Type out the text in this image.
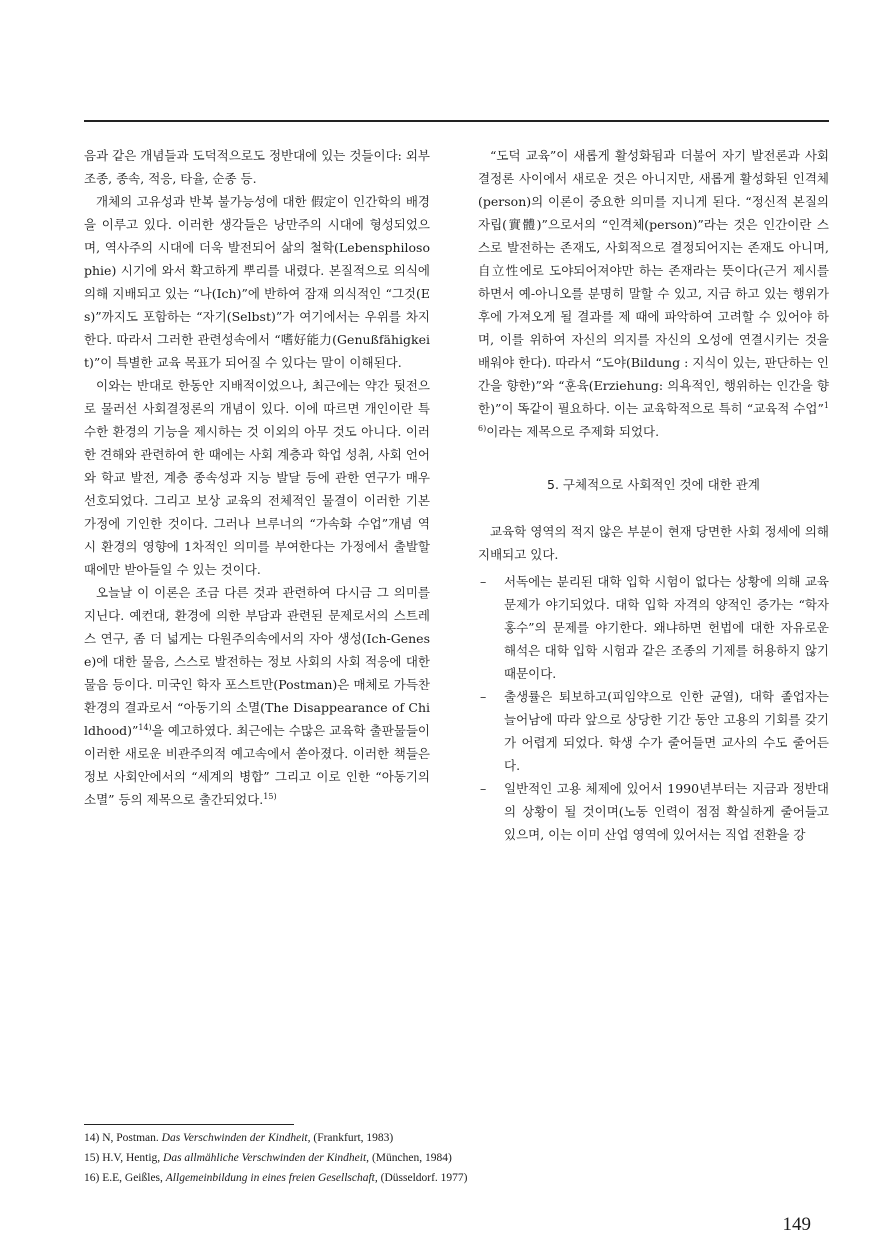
음과 같은 개념들과 도덕적으로도 정반대에 있는 것들이다: 외부 조종, 종속, 적응, 타율, 순종 등.

개체의 고유성과 반복 불가능성에 대한 假定이 인간학의 배경을 이루고 있다. 이러한 생각들은 낭만주의 시대에 형성되었으며, 역사주의 시대에 더욱 발전되어 삶의 철학(Lebensphilosophie) 시기에 와서 확고하게 뿌리를 내렸다. 본질적으로 의식에 의해 지배되고 있는 “나(Ich)”에 반하여 잠재 의식적인 “그것(Es)”까지도 포함하는 “자기(Selbst)”가 여기에서는 우위를 차지한다. 따라서 그러한 관련성속에서 “嗜好能力(Genußfähigkeit)”이 특별한 교육 목표가 되어질 수 있다는 말이 이해된다.

이와는 반대로 한동안 지배적이었으나, 최근에는 약간 뒷전으로 물러선 사회결정론의 개념이 있다. 이에 따르면 개인이란 특수한 환경의 기능을 제시하는 것 이외의 아무 것도 아니다. 이러한 견해와 관련하여 한 때에는 사회 계층과 학업 성취, 사회 언어와 학교 발전, 계층 종속성과 지능 발달 등에 관한 연구가 매우 선호되었다. 그리고 보상 교육의 전체적인 물결이 이러한 기본 가정에 기인한 것이다. 그러나 브루너의 “가속화 수업”개념 역시 환경의 영향에 1차적인 의미를 부여한다는 가정에서 출발할 때에만 받아들일 수 있는 것이다.

오늘날 이 이론은 조금 다른 것과 관련하여 다시금 그 의미를 지닌다. 예컨대, 환경에 의한 부담과 관련된 문제로서의 스트레스 연구, 좀 더 넓게는 다원주의속에서의 자아 생성(Ich-Genese)에 대한 물음, 스스로 발전하는 정보 사회의 사회 적응에 대한 물음 등이다. 미국인 학자 포스트만(Postman)은 매체로 가득찬 환경의 결과로서 “아동기의 소멸(The Disappearance of Childhood)”$^{14)}$을 예고하였다. 최근에는 수많은 교육학 출판물들이 이러한 새로운 비관주의적 예고속에서 쏟아졌다. 이러한 책들은 정보 사회안에서의 “세계의 병합” 그리고 이로 인한 “아동기의 소멸” 등의 제목으로 출간되었다.$^{15)}$

“도덕 교육”이 새롭게 활성화됨과 더불어 자기 발전론과 사회결정론 사이에서 새로운 것은 아니지만, 새롭게 활성화된 인격체(person)의 이론이 중요한 의미를 지니게 된다. “정신적 본질의 자립(實體)”으로서의 “인격체(person)”라는 것은 인간이란 스스로 발전하는 존재도, 사회적으로 결정되어지는 존재도 아니며, 自立性에로 도야되어져야만 하는 존재라는 뜻이다(근거 제시를 하면서 예-아니오를 분명히 말할 수 있고, 지금 하고 있는 행위가 후에 가져오게 될 결과를 제 때에 파악하여 고려할 수 있어야 하며, 이를 위하여 자신의 의지를 자신의 오성에 연결시키는 것을 배워야 한다). 따라서 “도야(Bildung : 지식이 있는, 판단하는 인간을 향한)”와 “훈육(Erziehung: 의욕적인, 행위하는 인간을 향한)”이 똑같이 필요하다. 이는 교육학적으로 특히 “교육적 수업”$^{16)}$이라는 제목으로 주제화 되었다.

5. 구체적으로 사회적인 것에 대한 관계

교육학 영역의 적지 않은 부분이 현재 당면한 사회 정세에 의해 지배되고 있다.

– 서독에는 분리된 대학 입학 시험이 없다는 상황에 의해 교육 문제가 야기되었다. 대학 입학 자격의 양적인 증가는 “학자 홍수”의 문제를 야기한다. 왜냐하면 헌법에 대한 자유로운 해석은 대학 입학 시험과 같은 조종의 기제를 허용하지 않기 때문이다.
– 출생률은 퇴보하고(피임약으로 인한 균열), 대학 졸업자는 늘어남에 따라 앞으로 상당한 기간 동안 고용의 기회를 갖기가 어렵게 되었다. 학생 수가 줄어들면 교사의 수도 줄어든다.
– 일반적인 고용 체제에 있어서 1990년부터는 지금과 정반대의 상황이 될 것이며(노동 인력이 점점 확실하게 줄어들고 있으며, 이는 이미 산업 영역에 있어서는 직업 전환을 강
14) N, Postman. Das Verschwinden der Kindheit, (Frankfurt, 1983)
15) H.V, Hentig, Das allmähliche Verschwinden der Kindheit, (München, 1984)
16) E.E, Geißles, Allgemeinbildung in eines freien Gesellschaft, (Düsseldorf. 1977)
149
